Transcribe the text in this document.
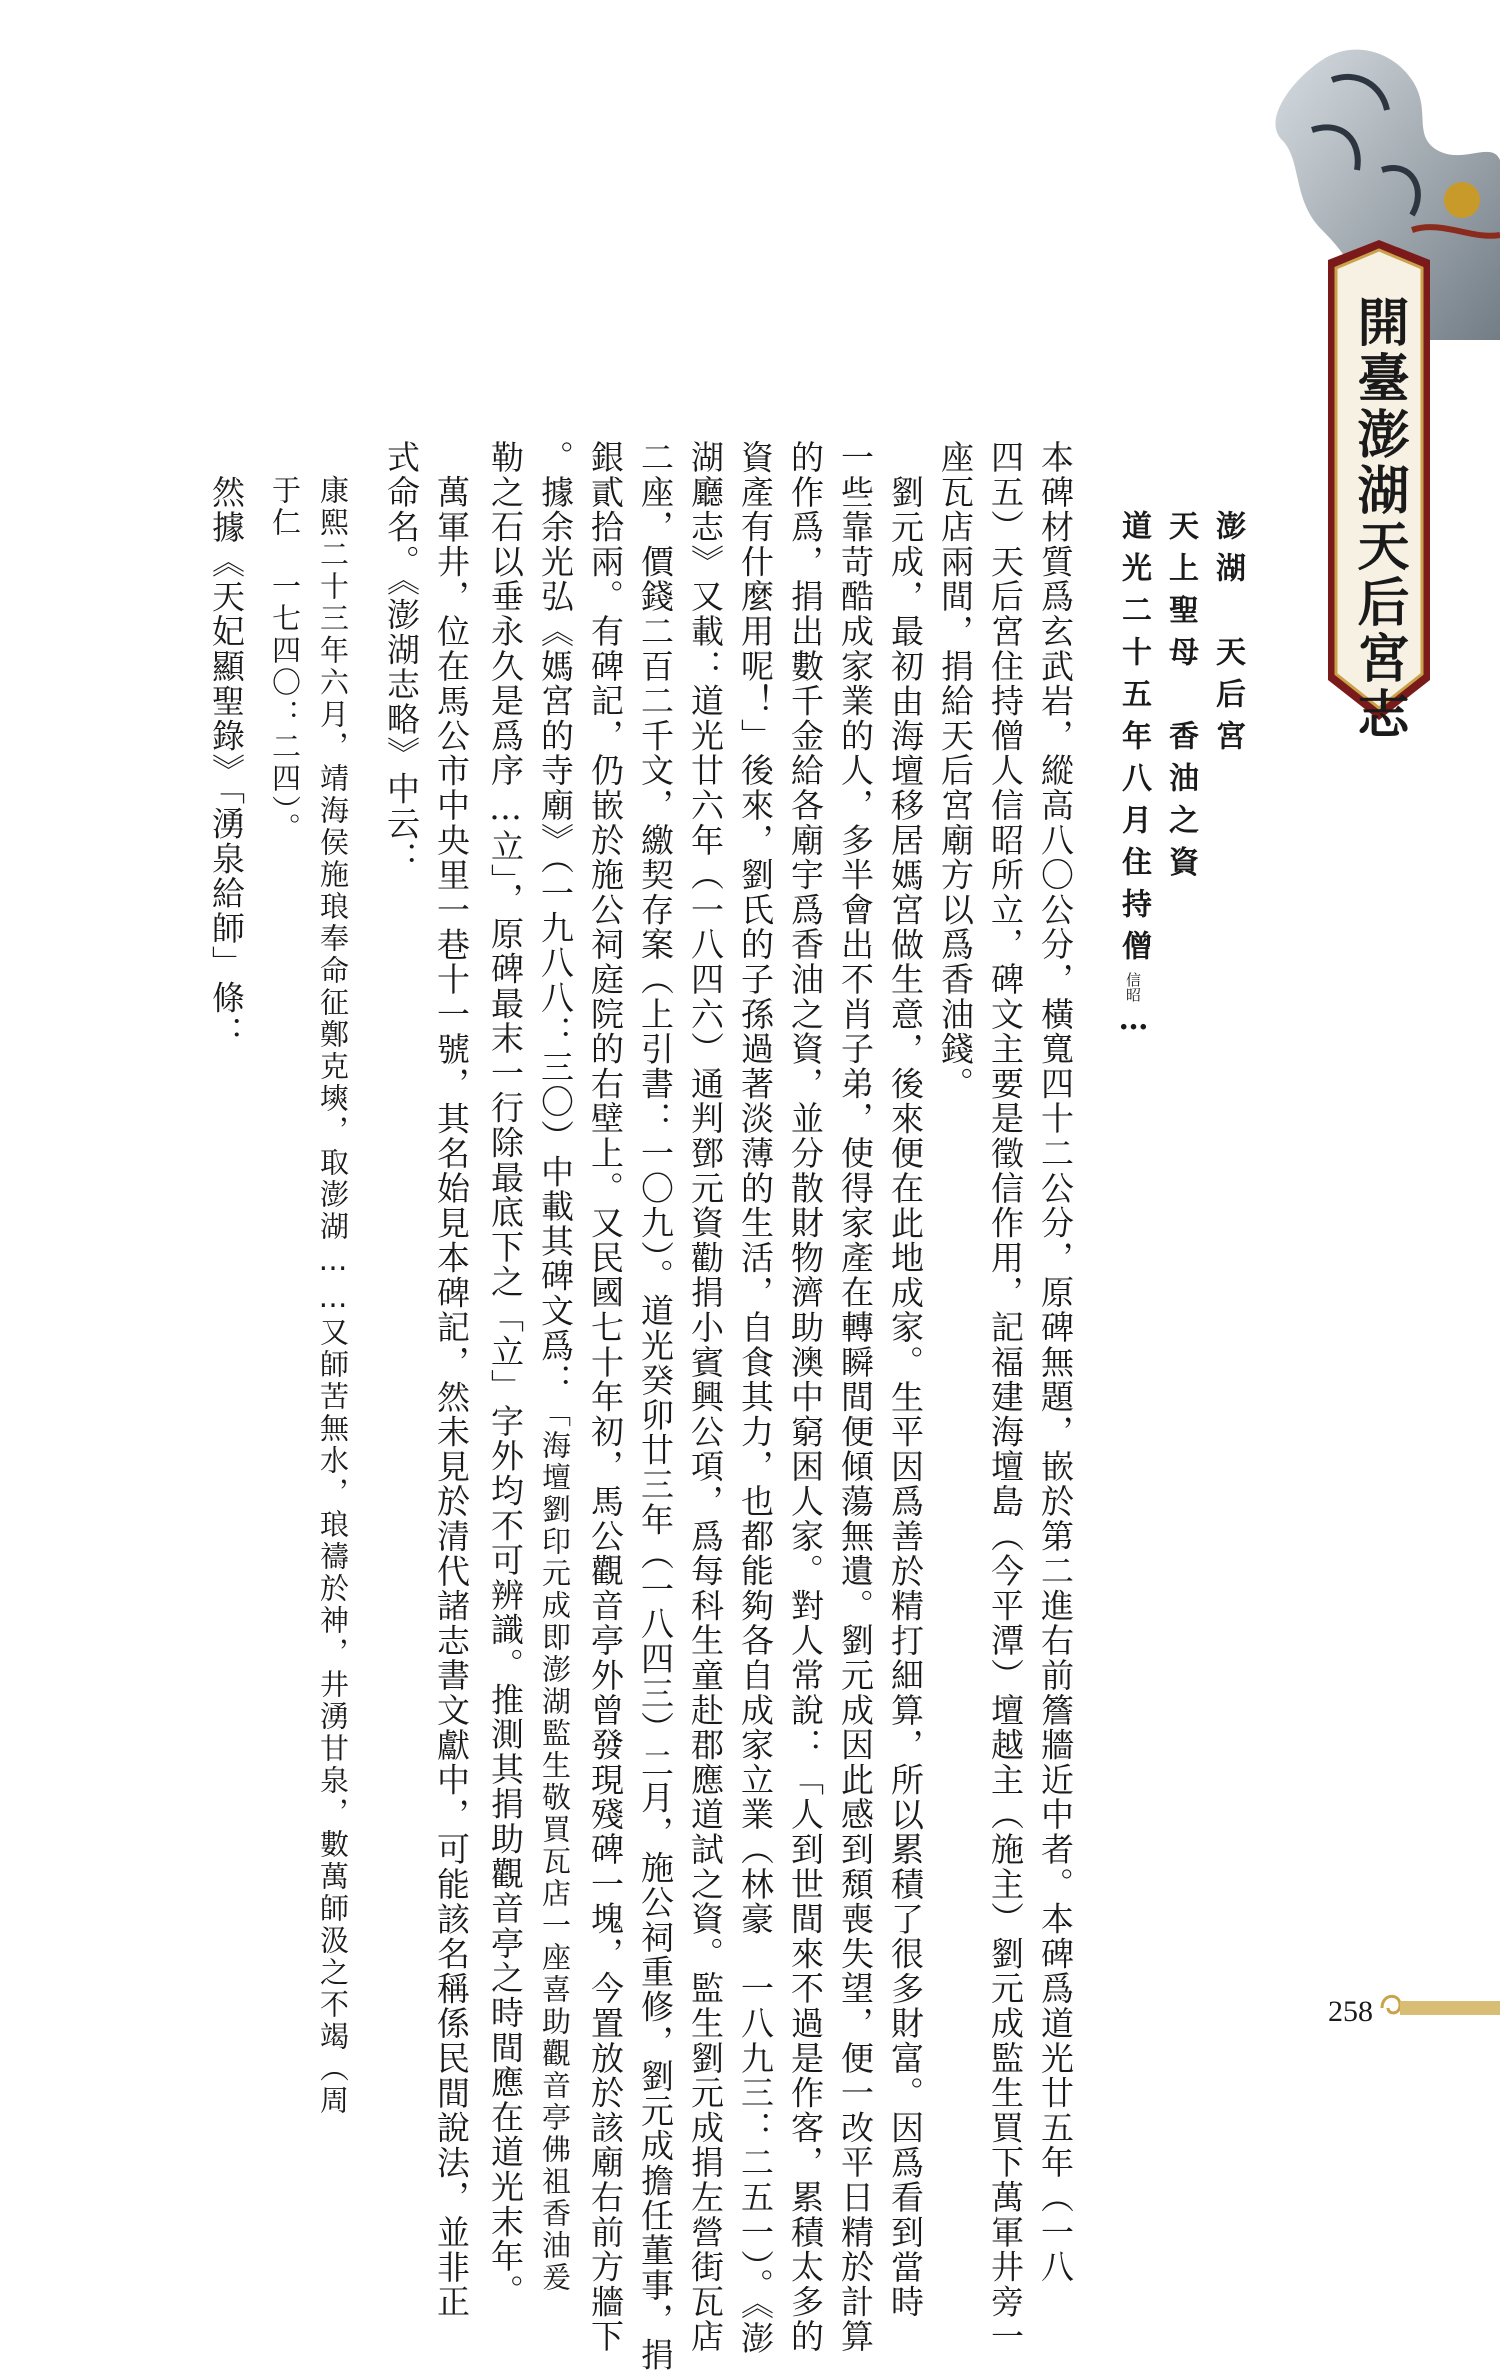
開臺澎湖天后宮志
澎湖　天后宮
天上聖母　香油之資
道光二十五年八月住持僧信昭…
本碑材質爲玄武岩，縱高八〇公分，橫寬四十二公分，原碑無題，嵌於第二進右前簷牆近中者。本碑爲道光廿五年（一八
四五）天后宮住持僧人信昭所立，碑文主要是徵信作用，記福建海壇島（今平潭）壇越主（施主）劉元成監生買下萬軍井旁一
座瓦店兩間，捐給天后宮廟方以爲香油錢。
劉元成，最初由海壇移居媽宮做生意，後來便在此地成家。生平因爲善於精打細算，所以累積了很多財富。因爲看到當時
一些靠苛酷成家業的人，多半會出不肖子弟，使得家產在轉瞬間便傾蕩無遺。劉元成因此感到頹喪失望，便一改平日精於計算
的作爲，捐出數千金給各廟宇爲香油之資，並分散財物濟助澳中窮困人家。對人常說：「人到世間來不過是作客，累積太多的
資產有什麼用呢！」後來，劉氏的子孫過著淡薄的生活，自食其力，也都能夠各自成家立業（林豪　一八九三：二五一）。《澎
湖廳志》又載：道光廿六年（一八四六）通判鄧元資勸捐小賓興公項，爲每科生童赴郡應道試之資。監生劉元成捐左營街瓦店
二座，價錢二百二千文，繳契存案（上引書：一〇九）。道光癸卯廿三年（一八四三）二月，施公祠重修，劉元成擔任董事，捐
銀貳拾兩。有碑記，仍嵌於施公祠庭院的右壁上。又民國七十年初，馬公觀音亭外曾發現殘碑一塊，今置放於該廟右前方牆下
。據余光弘《媽宮的寺廟》（一九八八：三〇）中載其碑文爲：「海壇劉印元成即澎湖監生敬買瓦店一座喜助觀音亭佛祖香油爰
勒之石以垂永久是爲序…立」，原碑最末一行除最底下之「立」字外均不可辨識。推測其捐助觀音亭之時間應在道光末年。
萬軍井，位在馬公市中央里一巷十一號，其名始見本碑記，然未見於清代諸志書文獻中，可能該名稱係民間說法，並非正
式命名。《澎湖志略》中云：
康熙二十三年六月，靖海侯施琅奉命征鄭克塽，取澎湖……又師苦無水，琅禱於神，井湧甘泉，數萬師汲之不竭（周
于仁　一七四〇：二四）。
然據《天妃顯聖錄》「湧泉給師」條：
258
